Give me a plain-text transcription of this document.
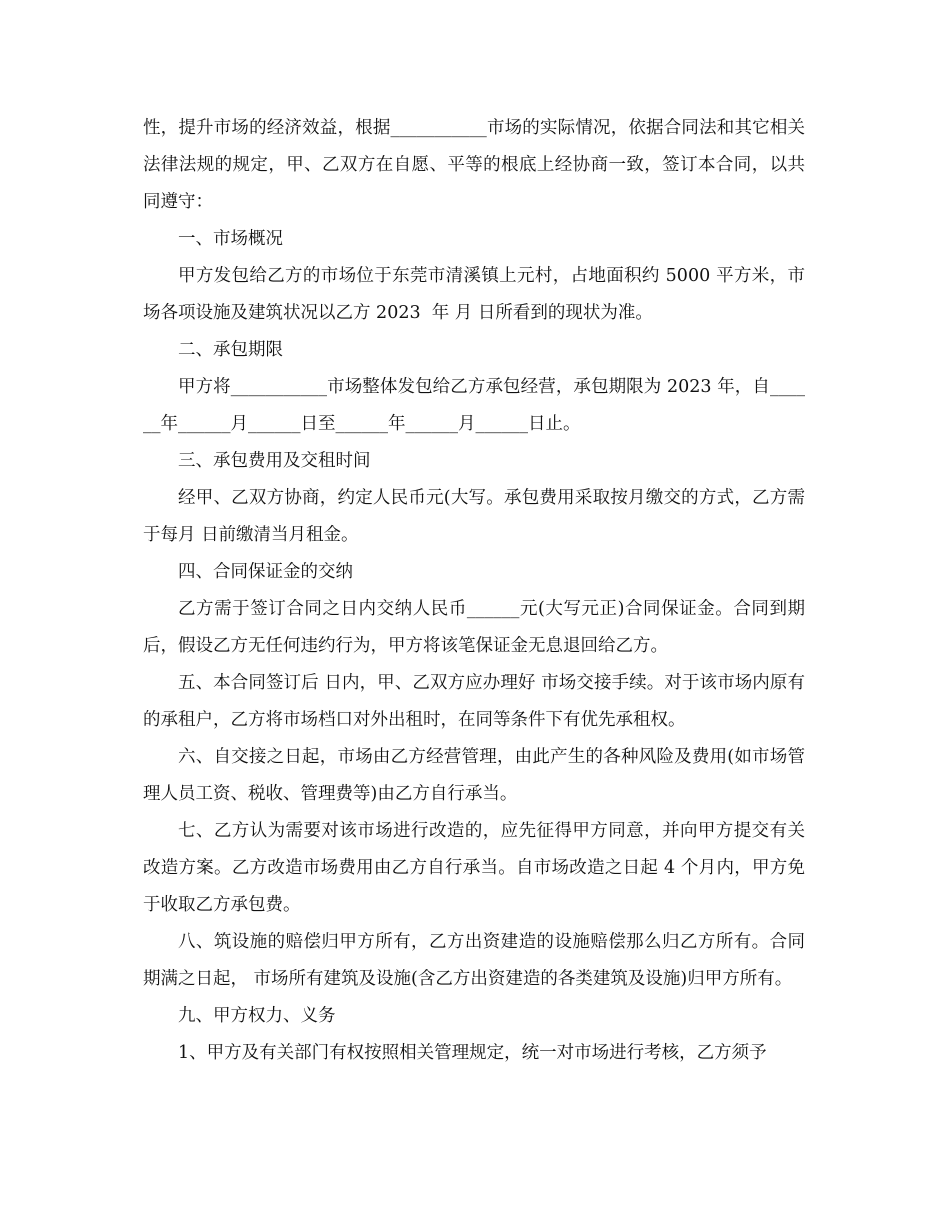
性，提升市场的经济效益，根据___________市场的实际情况，依据合同法和其它相关法律法规的规定，甲、乙双方在自愿、平等的根底上经协商一致，签订本合同，以共同遵守：

一、市场概况

甲方发包给乙方的市场位于东莞市清溪镇上元村，占地面积约 5000 平方米，市场各项设施及建筑状况以乙方 2023  年 月 日所看到的现状为准。

二、承包期限

甲方将___________市场整体发包给乙方承包经营，承包期限为 2023 年，自______年______月______日至______年______月______日止。

三、承包费用及交租时间

经甲、乙双方协商，约定人民币元(大写。承包费用采取按月缴交的方式，乙方需于每月 日前缴清当月租金。

四、合同保证金的交纳

乙方需于签订合同之日内交纳人民币______元(大写元正)合同保证金。合同到期后，假设乙方无任何违约行为，甲方将该笔保证金无息退回给乙方。

五、本合同签订后 日内，甲、乙双方应办理好 市场交接手续。对于该市场内原有的承租户，乙方将市场档口对外出租时，在同等条件下有优先承租权。

六、自交接之日起，市场由乙方经营管理，由此产生的各种风险及费用(如市场管理人员工资、税收、管理费等)由乙方自行承当。

七、乙方认为需要对该市场进行改造的，应先征得甲方同意，并向甲方提交有关改造方案。乙方改造市场费用由乙方自行承当。自市场改造之日起 4 个月内，甲方免于收取乙方承包费。

八、筑设施的赔偿归甲方所有，乙方出资建造的设施赔偿那么归乙方所有。合同期满之日起， 市场所有建筑及设施(含乙方出资建造的各类建筑及设施)归甲方所有。

九、甲方权力、义务

1、甲方及有关部门有权按照相关管理规定，统一对市场进行考核，乙方须予
